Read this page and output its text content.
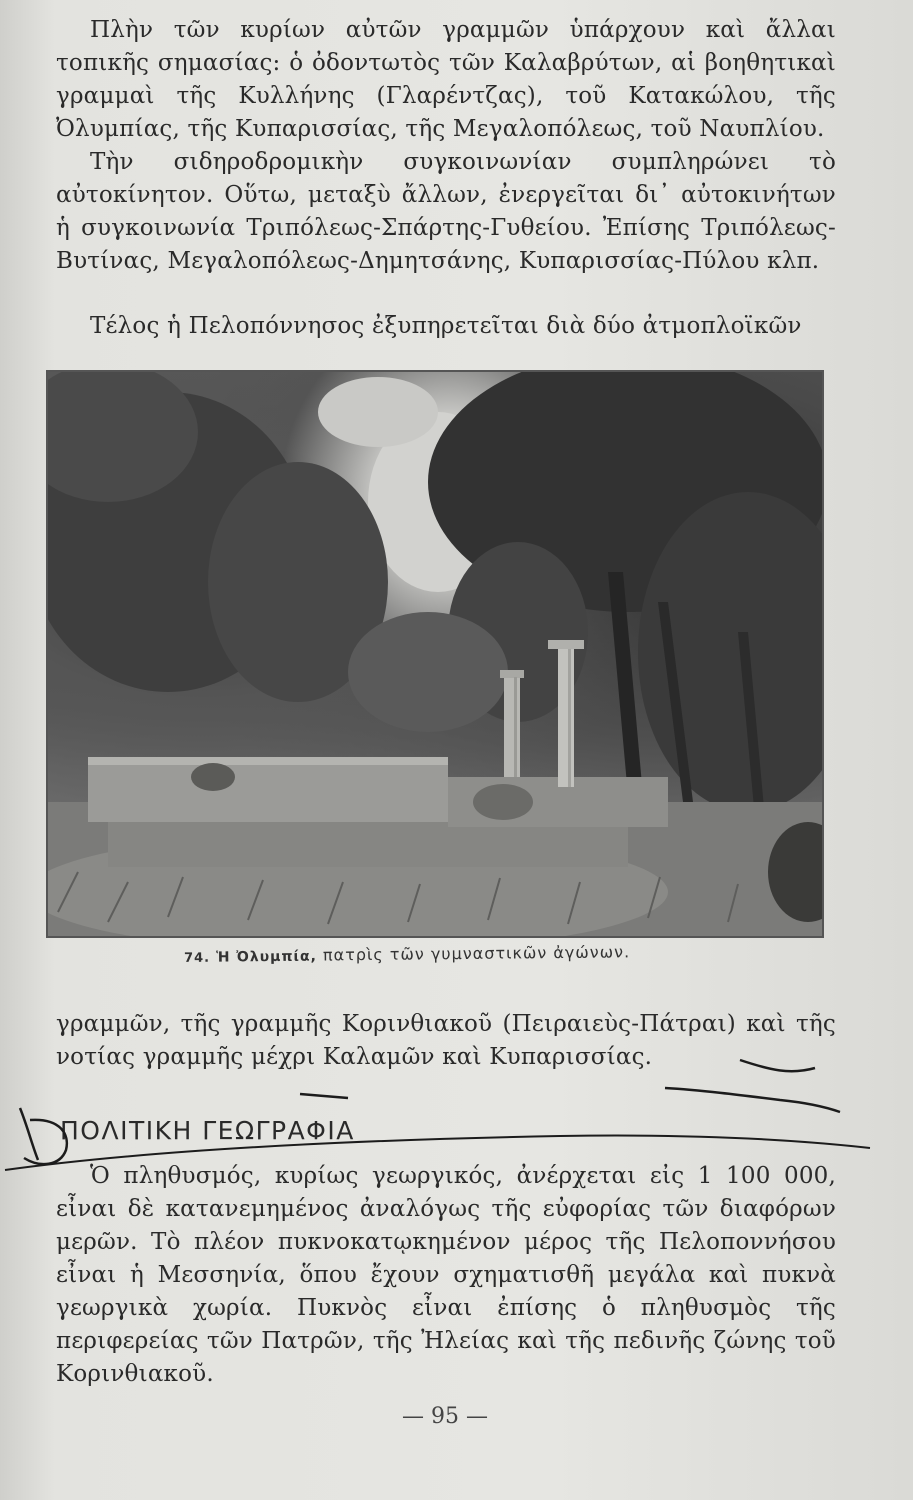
Πλὴν τῶν κυρίων αὐτῶν γραμμῶν ὑπάρχουν καὶ ἄλλαι τοπικῆς σημασίας: ὁ ὀδοντωτὸς τῶν Καλαβρύτων, αἱ βοηθητικαὶ γραμμαὶ τῆς Κυλλήνης (Γλαρέντζας), τοῦ Κατακώλου, τῆς Ὀλυμπίας, τῆς Κυπαρισσίας, τῆς Μεγαλοπόλεως, τοῦ Ναυπλίου.

Τὴν σιδηροδρομικὴν συγκοινωνίαν συμπληρώνει τὸ αὐτοκίνητον. Οὕτω, μεταξὺ ἄλλων, ἐνεργεῖται δι᾿ αὐτοκινήτων ἡ συγκοινωνία Τριπόλεως-Σπάρτης-Γυθείου. Ἐπίσης Τριπόλεως-Βυτίνας, Μεγαλοπόλεως-Δημητσάνης, Κυπαρισσίας-Πύλου κλπ.

Τέλος ἡ Πελοπόννησος ἐξυπηρετεῖται διὰ δύο ἀτμοπλοϊκῶν

74. Ἡ Ὀλυμπία, πατρὶς τῶν γυμναστικῶν ἀγώνων.

γραμμῶν, τῆς γραμμῆς Κορινθιακοῦ (Πειραιεὺς-Πάτραι) καὶ τῆς νοτίας γραμμῆς μέχρι Καλαμῶν καὶ Κυπαρισσίας.

ΠΟΛΙΤΙΚΗ ΓΕΩΓΡΑΦΙΑ

Ὁ πληθυσμός, κυρίως γεωργικός, ἀνέρχεται εἰς 1 100 000, εἶναι δὲ κατανεμημένος ἀναλόγως τῆς εὐφορίας τῶν διαφόρων μερῶν. Τὸ πλέον πυκνοκατῳκημένον μέρος τῆς Πελοποννήσου εἶναι ἡ Μεσσηνία, ὅπου ἔχουν σχηματισθῆ μεγάλα καὶ πυκνὰ γεωργικὰ χωρία. Πυκνὸς εἶναι ἐπίσης ὁ πληθυσμὸς τῆς περιφερείας τῶν Πατρῶν, τῆς Ἠλείας καὶ τῆς πεδινῆς ζώνης τοῦ Κορινθιακοῦ.

— 95 —
